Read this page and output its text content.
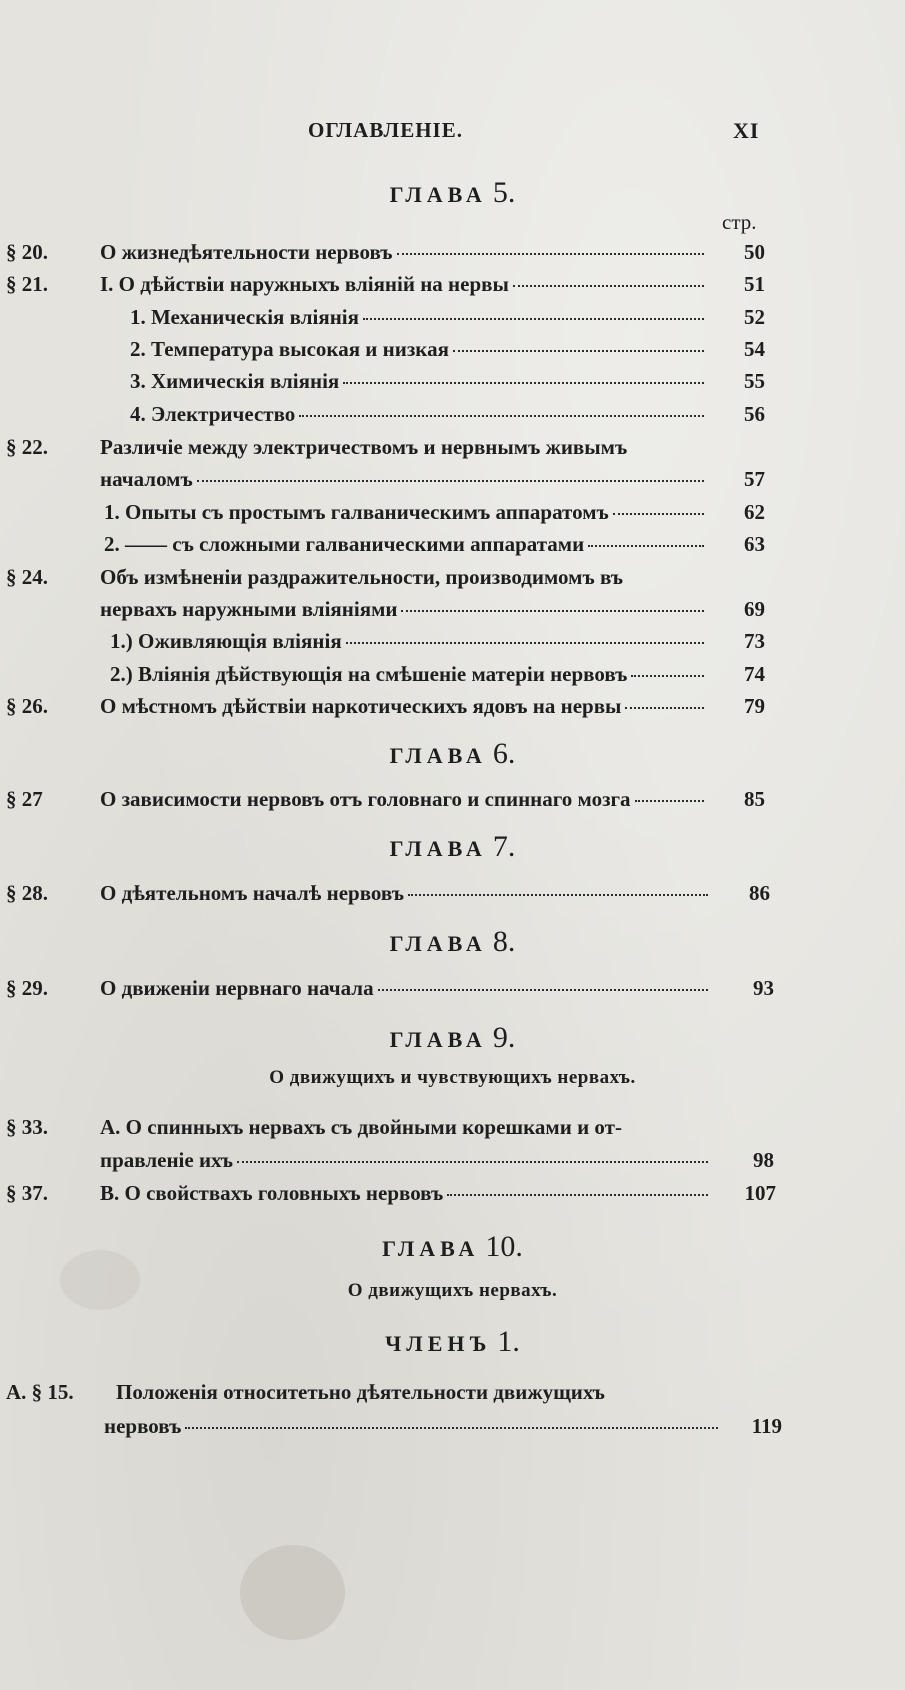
ОГЛАВЛЕНІЕ.	XI
ГЛАВА 5.
стр.
§ 20. О жизнедѣятельности нервовъ	50
§ 21. I. О дѣйствіи наружныхъ вліяній на нервы	51
1. Механическія вліянія	52
2. Температура высокая и низкая	54
3. Химическія вліянія	55
4. Электричество	56
§ 22. Различіе между электричествомъ и нервнымъ живымъ
началомъ	57
1. Опыты съ простымъ галваническимъ аппаратомъ	62
2. —— съ сложными галваническими аппаратами	63
§ 24. Объ измѣненіи раздражительности, производимомъ въ
нервахъ наружными вліяніями	69
1.) Оживляющія вліянія	73
2.) Вліянія дѣйствующія на смѣшеніе матеріи нервовъ	74
§ 26. О мѣстномъ дѣйствіи наркотическихъ ядовъ на нервы	79
ГЛАВА 6.
§ 27	О зависимости нервовъ отъ головнаго и спиннаго мозга	85
ГЛАВА 7.
§ 28. О дѣятельномъ началѣ нервовъ	86
ГЛАВА 8.
§ 29. О движеніи нервнаго начала	93
ГЛАВА 9.
О движущихъ и чувствующихъ нервахъ.
§ 33. А. О спинныхъ нервахъ съ двойными корешками и от-
правленіе ихъ	98
§ 37. В. О свойствахъ головныхъ нервовъ	107
ГЛАВА 10.
О движущихъ нервахъ.
ЧЛЕНЪ 1.
А. § 15. Положенія относитетьно дѣятельности движущихъ
нервовъ	119
